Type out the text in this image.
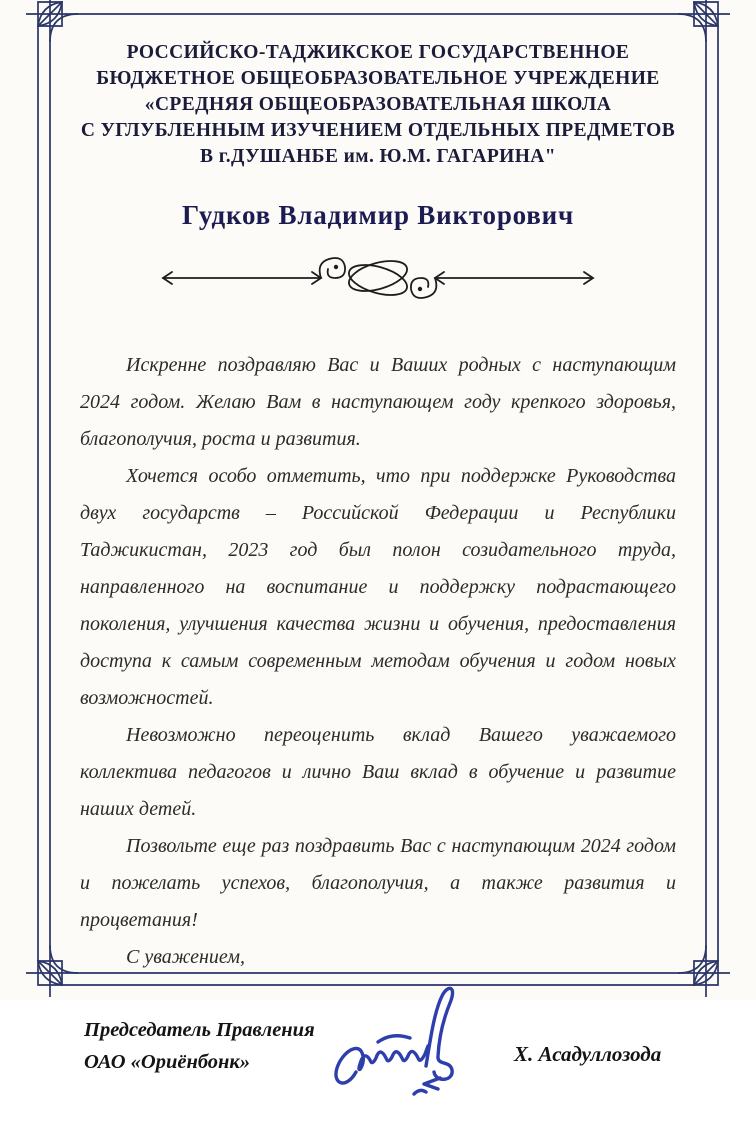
РОССИЙСКО-ТАДЖИКСКОЕ ГОСУДАРСТВЕННОЕ
БЮДЖЕТНОЕ ОБЩЕОБРАЗОВАТЕЛЬНОЕ УЧРЕЖДЕНИЕ
«СРЕДНЯЯ ОБЩЕОБРАЗОВАТЕЛЬНАЯ ШКОЛА
С УГЛУБЛЕННЫМ ИЗУЧЕНИЕМ ОТДЕЛЬНЫХ ПРЕДМЕТОВ
В г.ДУШАНБЕ им. Ю.М. ГАГАРИНА"
Гудков Владимир Викторович

Искренне поздравляю Вас и Ваших родных с наступающим 2024 годом. Желаю Вам в наступающем году крепкого здоровья, благополучия, роста и развития.

Хочется особо отметить, что при поддержке Руководства двух государств – Российской Федерации и Республики Таджикистан, 2023 год был полон созидательного труда, направленного на воспитание и поддержку подрастающего поколения, улучшения качества жизни и обучения, предоставления доступа к самым современным методам обучения и годом новых возможностей.

Невозможно переоценить вклад Вашего уважаемого коллектива педагогов и лично Ваш вклад в обучение и развитие наших детей.

Позвольте еще раз поздравить Вас с наступающим 2024 годом и пожелать успехов, благополучия, а также развития и процветания!

С уважением,

Председатель Правления
ОАО «Ориёнбонк»	Х. Асадуллозода
